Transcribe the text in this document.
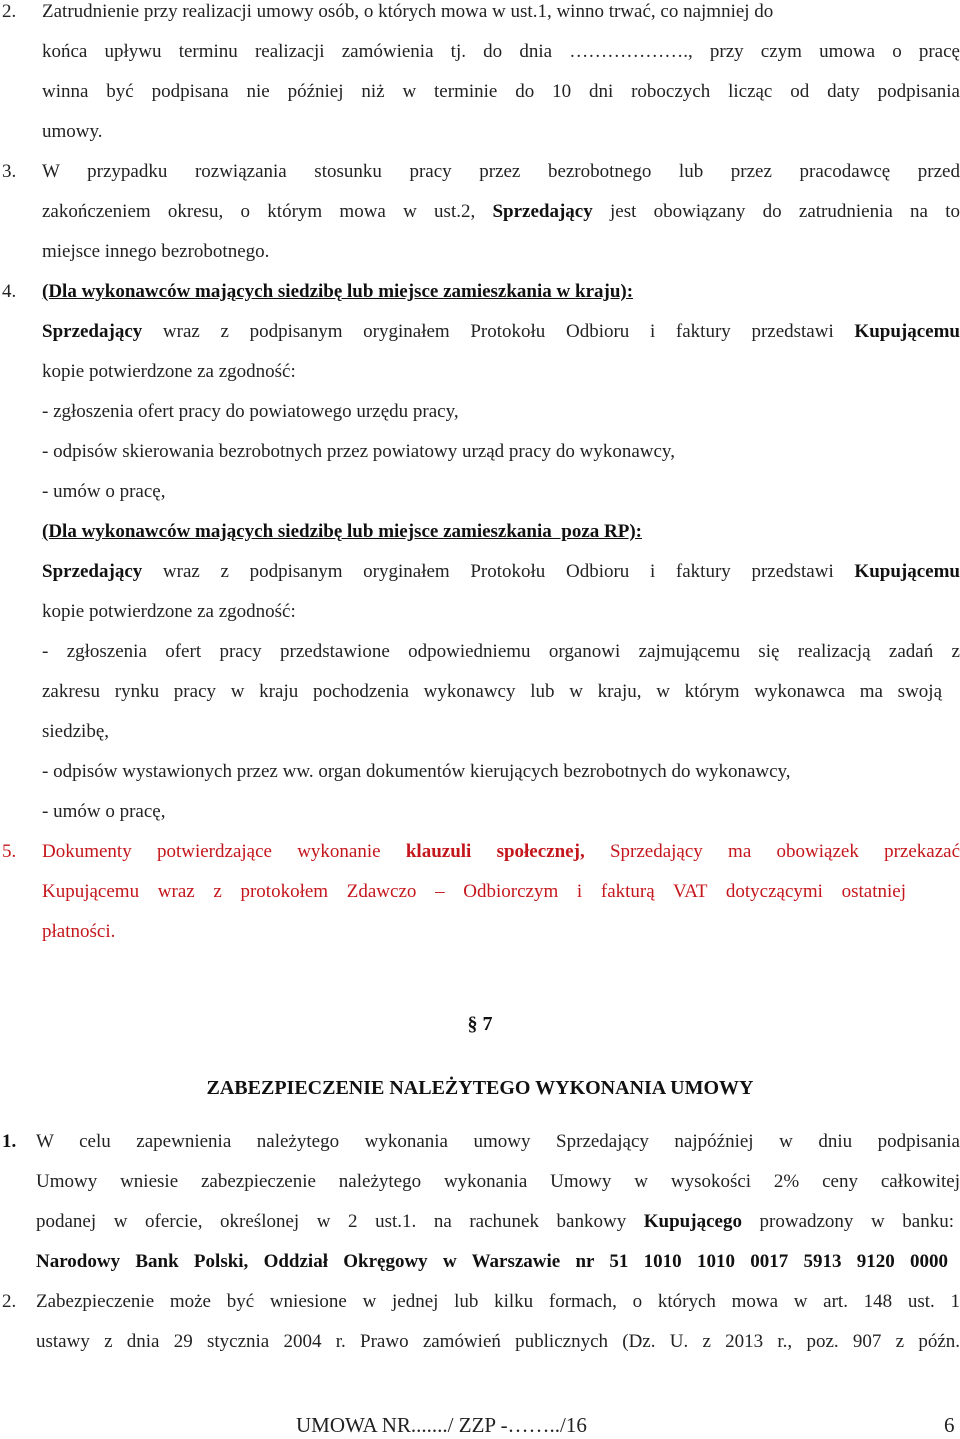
2. Zatrudnienie przy realizacji umowy osób, o których mowa w ust.1, winno trwać, co najmniej do
końca upływu terminu realizacji zamówienia tj. do dnia ………………., przy czym umowa o pracę
winna być podpisana nie później niż w terminie do 10 dni roboczych licząc od daty podpisania
umowy.
3. W przypadku rozwiązania stosunku pracy przez bezrobotnego lub przez pracodawcę przed
zakończeniem okresu, o którym mowa w ust.2, Sprzedający jest obowiązany do zatrudnienia na to
miejsce innego bezrobotnego.
4. (Dla wykonawców mających siedzibę lub miejsce zamieszkania w kraju):
Sprzedający wraz z podpisanym oryginałem Protokołu Odbioru i faktury przedstawi Kupującemu
kopie potwierdzone za zgodność:
- zgłoszenia ofert pracy do powiatowego urzędu pracy,
- odpisów skierowania bezrobotnych przez powiatowy urząd pracy do wykonawcy,
- umów o pracę,
(Dla wykonawców mających siedzibę lub miejsce zamieszkania  poza RP):
Sprzedający wraz z podpisanym oryginałem Protokołu Odbioru i faktury przedstawi Kupującemu
kopie potwierdzone za zgodność:
- zgłoszenia ofert pracy przedstawione odpowiedniemu organowi zajmującemu się realizacją zadań z
zakresu rynku pracy w kraju pochodzenia wykonawcy lub w kraju, w którym wykonawca ma swoją
siedzibę,
- odpisów wystawionych przez ww. organ dokumentów kierujących bezrobotnych do wykonawcy,
- umów o pracę,
5. Dokumenty potwierdzające wykonanie klauzuli społecznej, Sprzedający ma obowiązek przekazać
Kupującemu wraz z protokołem Zdawczo – Odbiorczym i fakturą VAT dotyczącymi ostatniej
płatności.
§ 7
ZABEZPIECZENIE NALEŻYTEGO WYKONANIA UMOWY
1. W celu zapewnienia należytego wykonania umowy Sprzedający najpóźniej w dniu podpisania
Umowy wniesie zabezpieczenie należytego wykonania Umowy w wysokości 2% ceny całkowitej
podanej w ofercie, określonej w 2 ust.1. na rachunek bankowy Kupującego prowadzony w banku:
Narodowy Bank Polski, Oddział Okręgowy w Warszawie nr 51 1010 1010 0017 5913 9120 0000
2. Zabezpieczenie może być wniesione w jednej lub kilku formach, o których mowa w art. 148 ust. 1
ustawy z dnia 29 stycznia 2004 r. Prawo zamówień publicznych (Dz. U. z 2013 r., poz. 907 z późn.
UMOWA NR......./ ZZP -……../16	6
